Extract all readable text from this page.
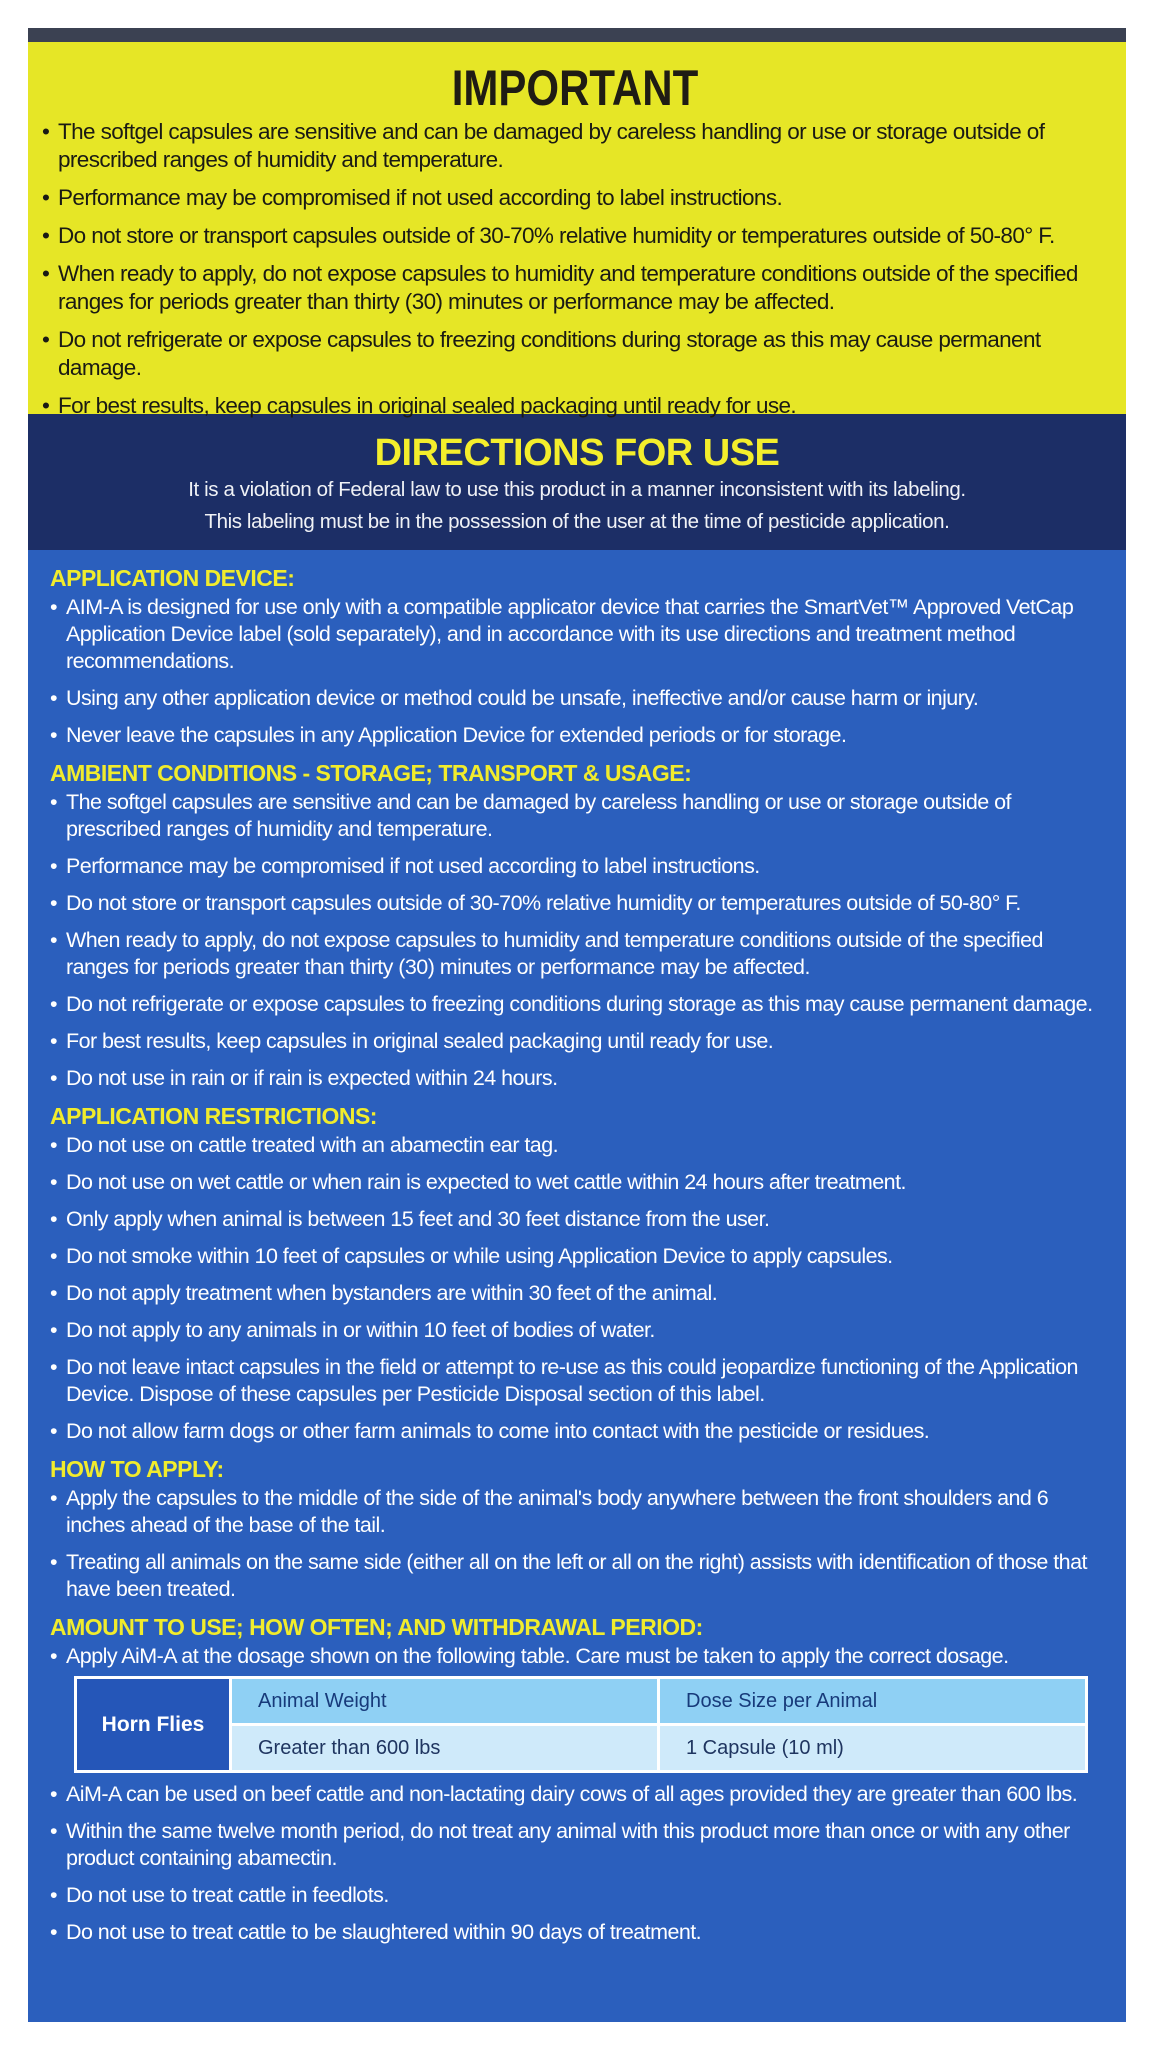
IMPORTANT
• The softgel capsules are sensitive and can be damaged by careless handling or use or storage outside of prescribed ranges of humidity and temperature.
• Performance may be compromised if not used according to label instructions.
• Do not store or transport capsules outside of 30-70% relative humidity or temperatures outside of 50-80° F.
• When ready to apply, do not expose capsules to humidity and temperature conditions outside of the specified ranges for periods greater than thirty (30) minutes or performance may be affected.
• Do not refrigerate or expose capsules to freezing conditions during storage as this may cause permanent damage.
• For best results, keep capsules in original sealed packaging until ready for use.
DIRECTIONS FOR USE

It is a violation of Federal law to use this product in a manner inconsistent with its labeling.

This labeling must be in the possession of the user at the time of pesticide application.

APPLICATION DEVICE:
• AIM-A is designed for use only with a compatible applicator device that carries the SmartVet™ Approved VetCap Application Device label (sold separately), and in accordance with its use directions and treatment method recommendations.
• Using any other application device or method could be unsafe, ineffective and/or cause harm or injury.
• Never leave the capsules in any Application Device for extended periods or for storage.
AMBIENT CONDITIONS - STORAGE; TRANSPORT & USAGE:
• The softgel capsules are sensitive and can be damaged by careless handling or use or storage outside of prescribed ranges of humidity and temperature.
• Performance may be compromised if not used according to label instructions.
• Do not store or transport capsules outside of 30-70% relative humidity or temperatures outside of 50-80° F.
• When ready to apply, do not expose capsules to humidity and temperature conditions outside of the specified ranges for periods greater than thirty (30) minutes or performance may be affected.
• Do not refrigerate or expose capsules to freezing conditions during storage as this may cause permanent damage.
• For best results, keep capsules in original sealed packaging until ready for use.
• Do not use in rain or if rain is expected within 24 hours.
APPLICATION RESTRICTIONS:
• Do not use on cattle treated with an abamectin ear tag.
• Do not use on wet cattle or when rain is expected to wet cattle within 24 hours after treatment.
• Only apply when animal is between 15 feet and 30 feet distance from the user.
• Do not smoke within 10 feet of capsules or while using Application Device to apply capsules.
• Do not apply treatment when bystanders are within 30 feet of the animal.
• Do not apply to any animals in or within 10 feet of bodies of water.
• Do not leave intact capsules in the field or attempt to re-use as this could jeopardize functioning of the Application Device. Dispose of these capsules per Pesticide Disposal section of this label.
• Do not allow farm dogs or other farm animals to come into contact with the pesticide or residues.
HOW TO APPLY:
• Apply the capsules to the middle of the side of the animal's body anywhere between the front shoulders and 6 inches ahead of the base of the tail.
• Treating all animals on the same side (either all on the left or all on the right) assists with identification of those that have been treated.
AMOUNT TO USE; HOW OFTEN; AND WITHDRAWAL PERIOD:
• Apply AiM-A at the dosage shown on the following table. Care must be taken to apply the correct dosage.
Horn Flies	Animal Weight	Dose Size per Animal
	Greater than 600 lbs	1 Capsule (10 ml)
• AiM-A can be used on beef cattle and non-lactating dairy cows of all ages provided they are greater than 600 lbs.
• Within the same twelve month period, do not treat any animal with this product more than once or with any other product containing abamectin.
• Do not use to treat cattle in feedlots.
• Do not use to treat cattle to be slaughtered within 90 days of treatment.
